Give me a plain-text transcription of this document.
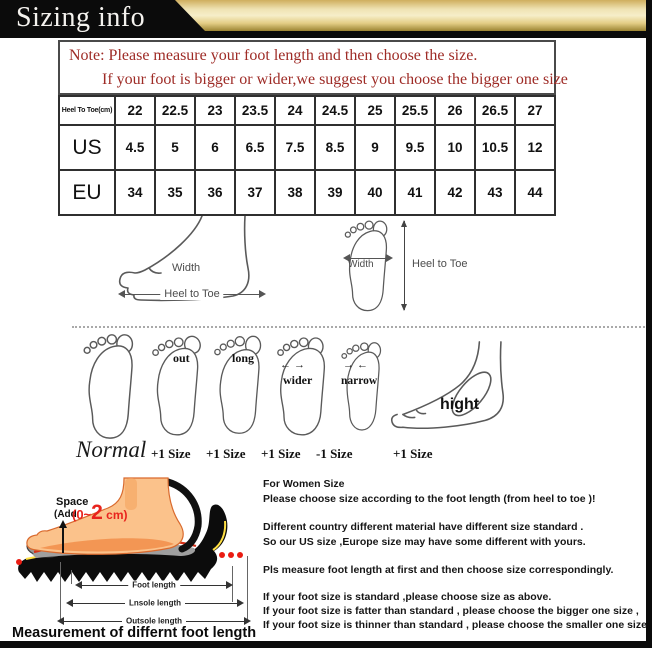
Sizing info
Note: Please measure your foot length and then choose the size.
If your foot is bigger or wider,we suggest you choose the bigger one size
Heel To Toe(cm)	22	22.5	23	23.5	24	24.5	25	25.5	26	26.5	27
US	4.5	5	6	6.5	7.5	8.5	9	9.5	10	10.5	12
EU	34	35	36	37	38	39	40	41	42	43	44
Width
Heel to Toe
Width	Heel to Toe
out	long ← →
wider
→ ←
narrow
hight
Normal +1 Size +1 Size +1 Size -1 Size	+1 Size
Space
(Add
(0~2 cm)
Foot length
Lnsole length
Outsole length
Measurement of differnt foot length

For Women Size

Please choose size according to the foot length (from heel to toe )!

Different country different material have different size standard .

So our US size ,Europe size may have some different with yours.

Pls measure foot length at first and then choose size correspondingly.

If your foot size is standard ,please choose size as above.

If your foot size is fatter than standard , please choose the bigger one size ,

If your foot size is thinner than standard , please choose the smaller one size
